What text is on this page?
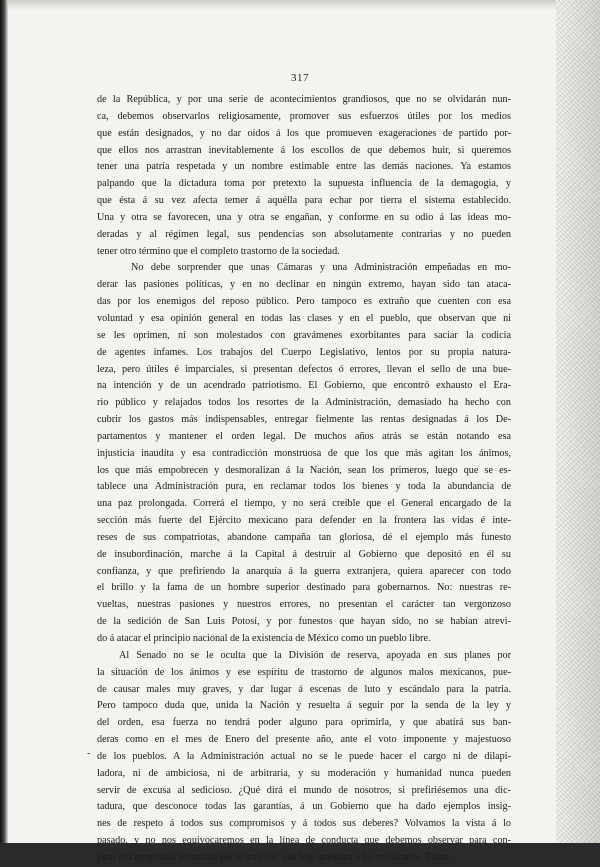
317
de la República, y por una serie de acontecimientos grandiosos, que no se olvidarán nun-
ca, debemos observarlos religiosamente, promover sus esfuerzos útiles por los medios
que están designados, y no dar oídos á los que promueven exageraciones de partido por-
que ellos nos arrastran inevitablemente á los escollos de que debemos huir, si queremos
tener una patria respetada y un nombre estimable entre las demás naciones. Ya estamos
palpando que la dictadura toma por pretexto la supuesta influencia de la demagogia, y
que ésta á su vez afecta temer á aquélla para echar por tierra el sistema establecido.
Una y otra se favorecen, una y otra se engañan, y conforme en su odio á las ideas mo-
deradas y al régimen legal, sus pendencias son absolutamente contrarias y no pueden
tener otro término que el completo trastorno de la sociedad.
No debe sorprender que unas Cámaras y una Administración empeñadas en mo-
derar las pasiones políticas, y en no declinar en ningún extremo, hayan sido tan ataca-
das por los enemigos del reposo público. Pero tampoco es extraño que cuenten con esa
voluntad y esa opinión general en todas las clases y en el pueblo, que observan que ni
se les oprimen, ni son molestados con gravámenes exorbitantes para saciar la codicia
de agentes infames. Los trabajos del Cuerpo Legislativo, lentos por su propia natura-
leza, pero útiles é imparciales, si presentan defectos ó errores, llevan el sello de una bue-
na intención y de un acendrado patriotismo. El Gobierno, que encontró exhausto el Era-
rio público y relajados todos los resortes de la Administración, demasiado ha hecho con
cubrir los gastos más indispensables, entregar fielmente las rentas designadas á los De-
partamentos y mantener el orden legal. De muchos años atrás se están notando esa
injusticia inaudita y esa contradicción monstruosa de que los que más agitan los ánimos,
los que más empobrecen y desmoralizan á la Nación, sean los primeros, luego que se es-
tablece una Administración pura, en reclamar todos los bienes y toda la abundancia de
una paz prolongada. Correrá el tiempo, y no será creíble que el General encargado de la
sección más fuerte del Ejército mexicano para defender en la frontera las vidas é inte-
reses de sus compatriotas, abandone campaña tan gloriosa, dé el ejemplo más funesto
de insubordinación, marche á la Capital á destruir al Gobierno que depositó en él su
confianza, y que prefiriendo la anarquía á la guerra extranjera, quiera aparecer con todo
el brillo y la fama de un hombre superior destinado para gobernarnos. No: nuestras re-
vueltas, nuestras pasiones y nuestros errores, no presentan el carácter tan vergonzoso
de la sedición de San Luis Potosí, y por funestos que hayan sido, no se habían atrevi-
do á atacar el principio nacional de la existencia de México como un pueblo libre.
Al Senado no se le oculta que la División de reserva, apoyada en sus planes por
la situación de los ánimos y ese espíritu de trastorno de algunos malos mexicanos, pue-
de causar males muy graves, y dar lugar á escenas de luto y escándalo para la patria.
Pero tampoco duda que, unida la Nación y resuelta á seguir por la senda de la ley y
del orden, esa fuerza no tendrá poder alguno para oprimirla, y que abatirá sus ban-
deras como en el mes de Enero del presente año, ante el voto imponente y majestuoso
de los pueblos. A la Administración actual no se le puede hacer el cargo ni de dilapi-
ladora, ni de ambiciosa, ni de arbitraria, y su moderación y humanidad nunca pueden
servir de excusa al sedicioso. ¿Qué dirá el mundo de nosotros, si prefiriésemos una dic-
tadura, que desconoce todas las garantías, á un Gobierno que ha dado ejemplos insig-
nes de respeto á todos sus compromisos y á todos sus deberes? Volvamos la vista á lo
pasado, y no nos equivocaremos en la línea de conducta que debemos observar para con-
jurar esa tempestad levantada por la traición, que hoy amenaza á los mexicanos. Triun-
-
